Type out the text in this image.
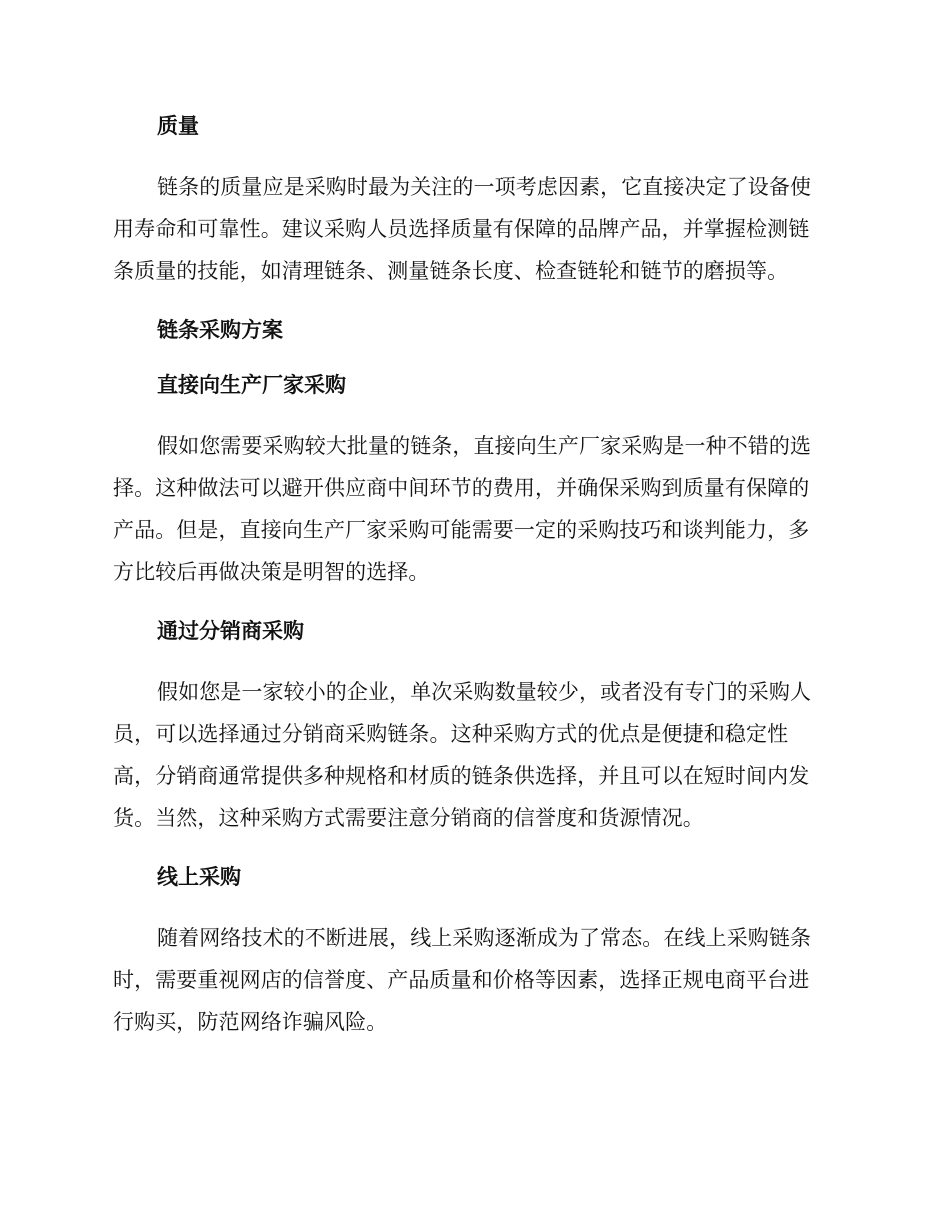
质量
链条的质量应是采购时最为关注的一项考虑因素，它直接决定了设备使
用寿命和可靠性。建议采购人员选择质量有保障的品牌产品，并掌握检测链
条质量的技能，如清理链条、测量链条长度、检查链轮和链节的磨损等。
链条采购方案
直接向生产厂家采购
假如您需要采购较大批量的链条，直接向生产厂家采购是一种不错的选
择。这种做法可以避开供应商中间环节的费用，并确保采购到质量有保障的
产品。但是，直接向生产厂家采购可能需要一定的采购技巧和谈判能力，多
方比较后再做决策是明智的选择。
通过分销商采购
假如您是一家较小的企业，单次采购数量较少，或者没有专门的采购人
员，可以选择通过分销商采购链条。这种采购方式的优点是便捷和稳定性
高，分销商通常提供多种规格和材质的链条供选择，并且可以在短时间内发
货。当然，这种采购方式需要注意分销商的信誉度和货源情况。
线上采购
随着网络技术的不断进展，线上采购逐渐成为了常态。在线上采购链条
时，需要重视网店的信誉度、产品质量和价格等因素，选择正规电商平台进
行购买，防范网络诈骗风险。
